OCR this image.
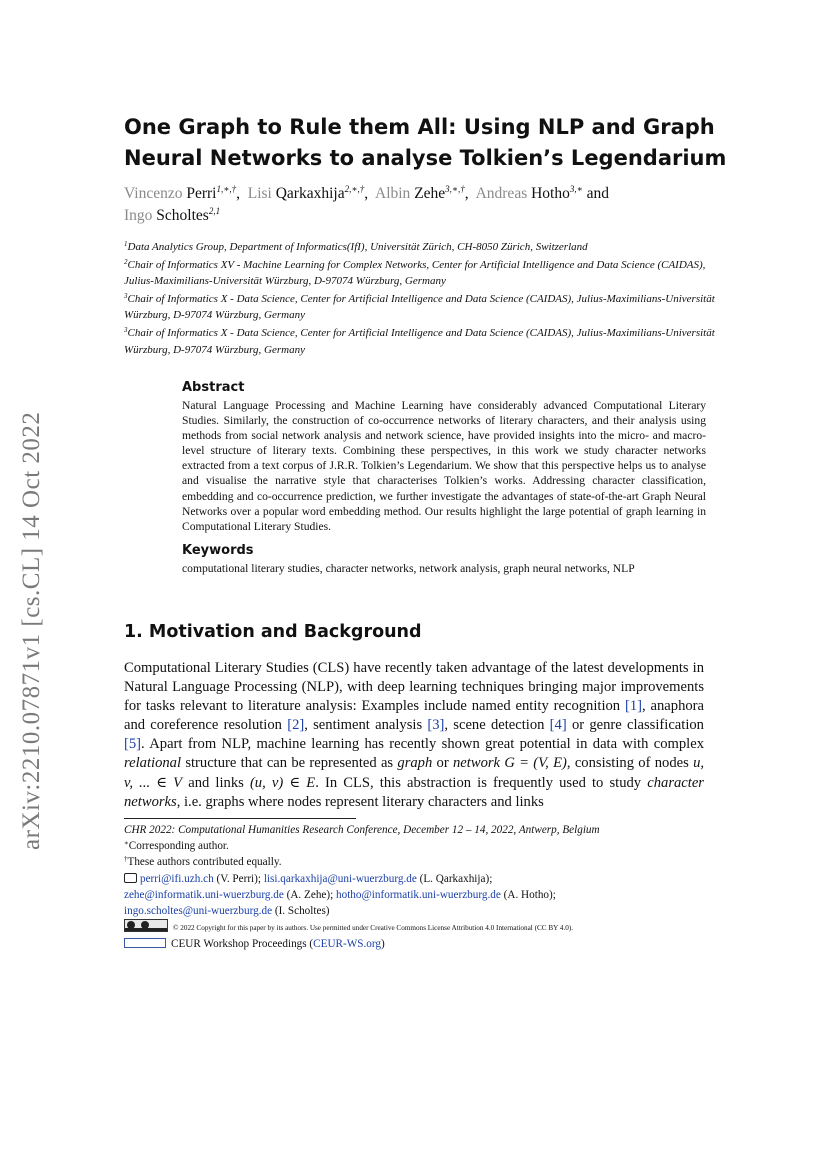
arXiv:2210.07871v1 [cs.CL] 14 Oct 2022
One Graph to Rule them All: Using NLP and Graph
Neural Networks to analyse Tolkien’s Legendarium
Vincenzo Perri$^{1,∗,\dagger}$,  Lisi Qarkaxhija$^{2,∗,\dagger}$,  Albin Zehe$^{3,∗,\dagger}$,  Andreas Hotho$^{3,∗}$ and
Ingo Scholtes$^{2,1}$
$^1$Data Analytics Group, Department of Informatics(IfI), Universität Zürich, CH-8050 Zürich, Switzerland
$^2$Chair of Informatics XV - Machine Learning for Complex Networks, Center for Artificial Intelligence and Data Science (CAIDAS), Julius-Maximilians-Universität Würzburg, D-97074 Würzburg, Germany
$^3$Chair of Informatics X - Data Science, Center for Artificial Intelligence and Data Science (CAIDAS), Julius-Maximilians-Universität Würzburg, D-97074 Würzburg, Germany
$^3$Chair of Informatics X - Data Science, Center for Artificial Intelligence and Data Science (CAIDAS), Julius-Maximilians-Universität Würzburg, D-97074 Würzburg, Germany
Abstract
Natural Language Processing and Machine Learning have considerably advanced Computational Literary Studies. Similarly, the construction of co-occurrence networks of literary characters, and their analysis using methods from social network analysis and network science, have provided insights into the micro- and macro-level structure of literary texts. Combining these perspectives, in this work we study character networks extracted from a text corpus of J.R.R. Tolkien’s Legendarium. We show that this perspective helps us to analyse and visualise the narrative style that characterises Tolkien’s works. Addressing character classification, embedding and co-occurrence prediction, we further investigate the advantages of state-of-the-art Graph Neural Networks over a popular word embedding method. Our results highlight the large potential of graph learning in Computational Literary Studies.
Keywords
computational literary studies, character networks, network analysis, graph neural networks, NLP
1. Motivation and Background
Computational Literary Studies (CLS) have recently taken advantage of the latest developments in Natural Language Processing (NLP), with deep learning techniques bringing major improvements for tasks relevant to literature analysis: Examples include named entity recognition [1], anaphora and coreference resolution [2], sentiment analysis [3], scene detection [4] or genre classification [5]. Apart from NLP, machine learning has recently shown great potential in data with complex relational structure that can be represented as graph or network G = (V, E), consisting of nodes u, v, ... ∈ V and links (u, v) ∈ E. In CLS, this abstraction is frequently used to study character networks, i.e. graphs where nodes represent literary characters and links
CHR 2022: Computational Humanities Research Conference, December 12 – 14, 2022, Antwerp, Belgium
∗Corresponding author.
†These authors contributed equally.
perri@ifi.uzh.ch (V. Perri); lisi.qarkaxhija@uni-wuerzburg.de (L. Qarkaxhija);
zehe@informatik.uni-wuerzburg.de (A. Zehe); hotho@informatik.uni-wuerzburg.de (A. Hotho);
ingo.scholtes@uni-wuerzburg.de (I. Scholtes)
© 2022 Copyright for this paper by its authors. Use permitted under Creative Commons License Attribution 4.0 International (CC BY 4.0).
CEUR Workshop Proceedings (CEUR-WS.org)
